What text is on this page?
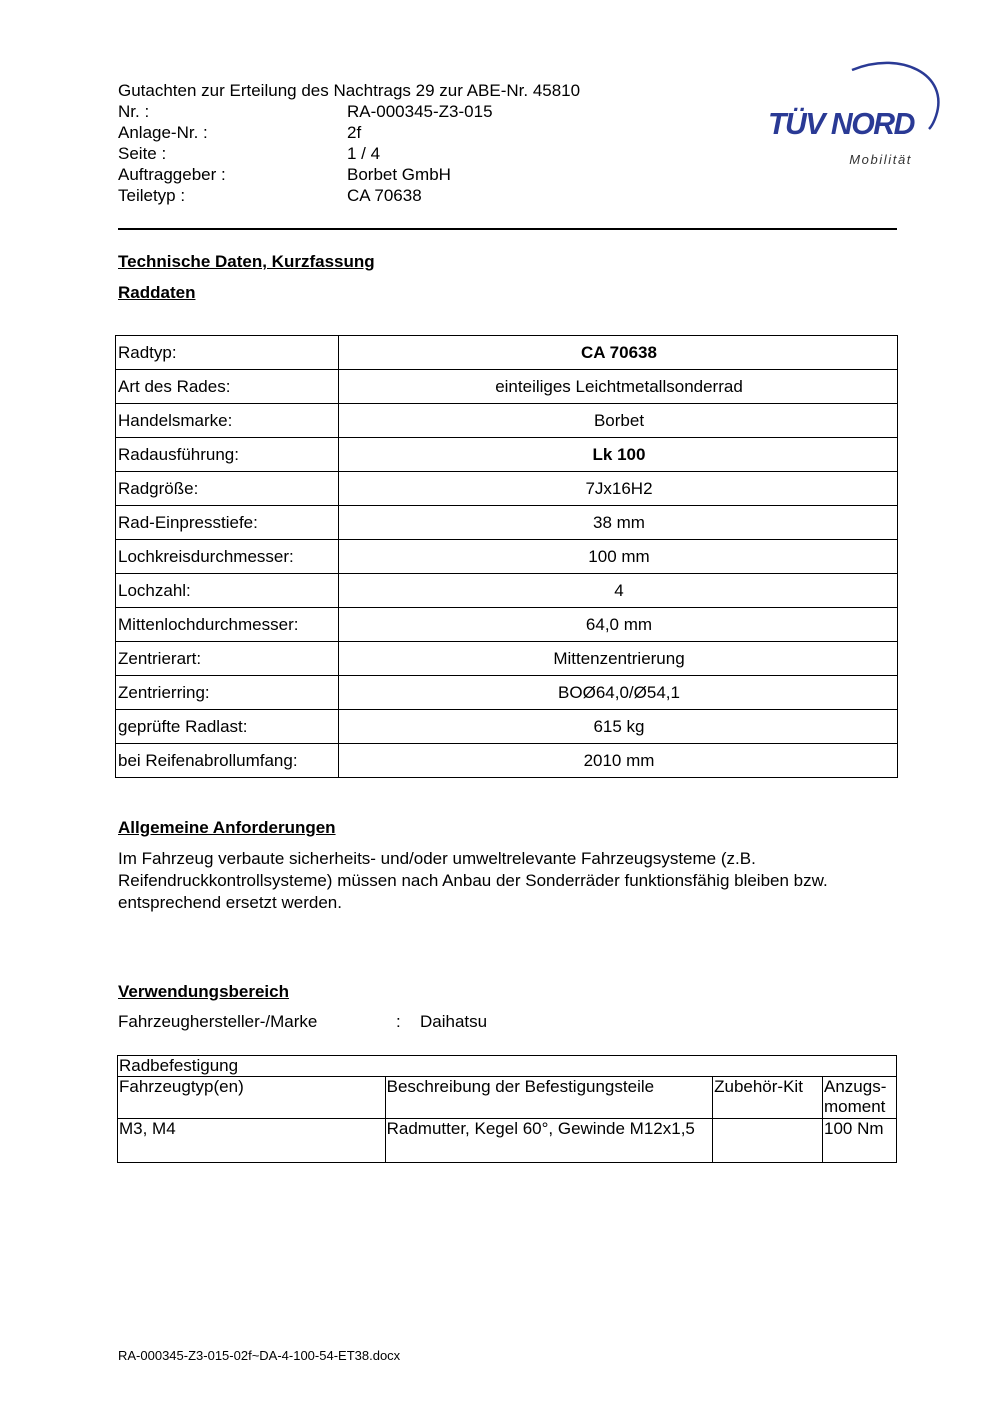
Gutachten zur Erteilung des Nachtrags 29 zur ABE-Nr. 45810
Nr. :	RA-000345-Z3-015
Anlage-Nr. :	2f
Seite :	1 / 4
Auftraggeber :	Borbet GmbH
Teiletyp :	CA 70638
TÜV NORD
Mobilität
Technische Daten, Kurzfassung
Raddaten
Radtyp:	CA 70638
Art des Rades:	einteiliges Leichtmetallsonderrad
Handelsmarke:	Borbet
Radausführung:	Lk 100
Radgröße:	7Jx16H2
Rad-Einpresstiefe:	38 mm
Lochkreisdurchmesser:	100 mm
Lochzahl:	4
Mittenlochdurchmesser:	64,0 mm
Zentrierart:	Mittenzentrierung
Zentrierring:	BOØ64,0/Ø54,1
geprüfte Radlast:	615 kg
bei Reifenabrollumfang:	2010 mm
Allgemeine Anforderungen
Im Fahrzeug verbaute sicherheits- und/oder umweltrelevante Fahrzeugsysteme (z.B. Reifendruckkontrollsysteme) müssen nach Anbau der Sonderräder funktionsfähig bleiben bzw. entsprechend ersetzt werden.
Verwendungsbereich
Fahrzeughersteller-/Marke	: Daihatsu
Radbefestigung			
Fahrzeugtyp(en)	Beschreibung der Befestigungsteile	Zubehör-Kit	Anzugs-
moment
M3, M4	Radmutter, Kegel 60°, Gewinde M12x1,5		100 Nm
RA-000345-Z3-015-02f~DA-4-100-54-ET38.docx
